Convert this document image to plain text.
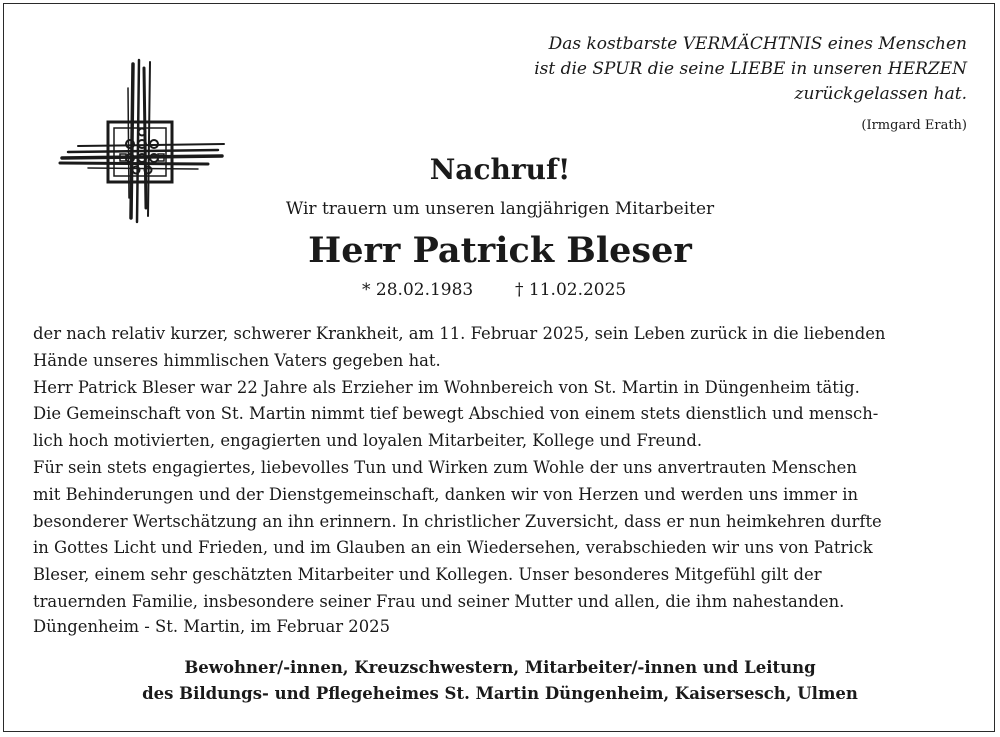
Das kostbarste VERMÄCHTNIS eines Menschen
ist die SPUR die seine LIEBE in unseren HERZEN
zurückgelassen hat.
(Irmgard Erath)
Nachruf!
Wir trauern um unseren langjährigen Mitarbeiter
Herr Patrick Bleser
* 28.02.1983 † 11.02.2025
der nach relativ kurzer, schwerer Krankheit, am 11. Februar 2025, sein Leben zurück in die liebenden
Hände unseres himmlischen Vaters gegeben hat.
Herr Patrick Bleser war 22 Jahre als Erzieher im Wohnbereich von St. Martin in Düngenheim tätig.
Die Gemeinschaft von St. Martin nimmt tief bewegt Abschied von einem stets dienstlich und mensch-
lich hoch motivierten, engagierten und loyalen Mitarbeiter, Kollege und Freund.
Für sein stets engagiertes, liebevolles Tun und Wirken zum Wohle der uns anvertrauten Menschen
mit Behinderungen und der Dienstgemeinschaft, danken wir von Herzen und werden uns immer in
besonderer Wertschätzung an ihn erinnern. In christlicher Zuversicht, dass er nun heimkehren durfte
in Gottes Licht und Frieden, und im Glauben an ein Wiedersehen, verabschieden wir uns von Patrick
Bleser, einem sehr geschätzten Mitarbeiter und Kollegen. Unser besonderes Mitgefühl gilt der
trauernden Familie, insbesondere seiner Frau und seiner Mutter und allen, die ihm nahestanden.
Düngenheim - St. Martin, im Februar 2025
Bewohner/-innen, Kreuzschwestern, Mitarbeiter/-innen und Leitung
des Bildungs- und Pflegeheimes St. Martin Düngenheim, Kaisersesch, Ulmen
